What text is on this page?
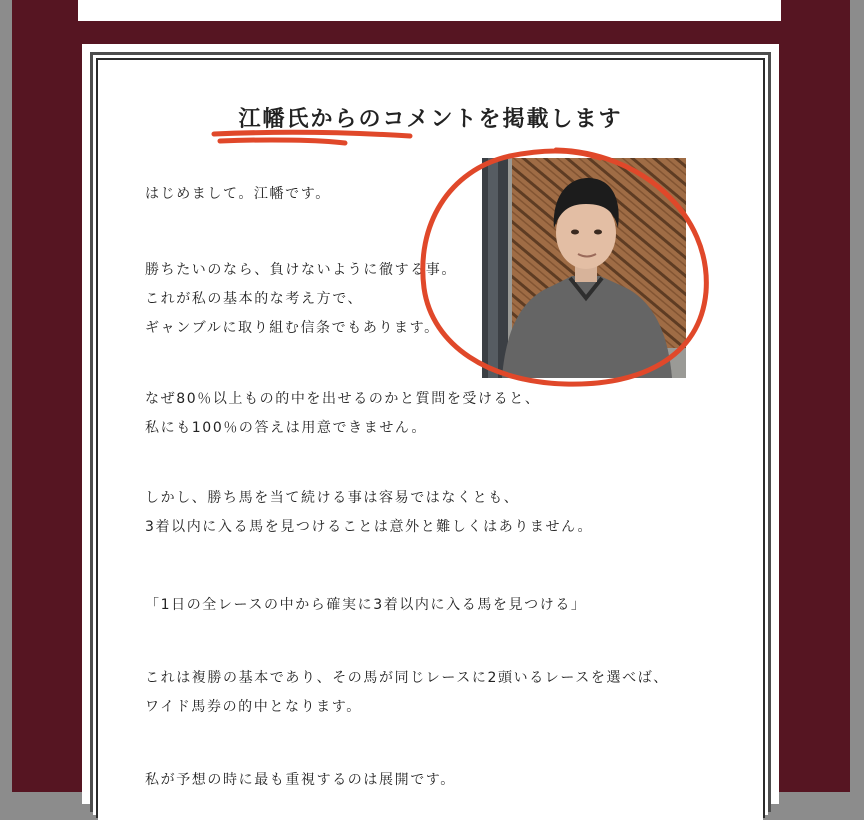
江幡氏からのコメントを掲載します
はじめまして。江幡です。
勝ちたいのなら、負けないように徹する事。
これが私の基本的な考え方で、
ギャンブルに取り組む信条でもあります。
なぜ80％以上もの的中を出せるのかと質問を受けると、
私にも100％の答えは用意できません。
しかし、勝ち馬を当て続ける事は容易ではなくとも、
3着以内に入る馬を見つけることは意外と難しくはありません。
「1日の全レースの中から確実に3着以内に入る馬を見つける」
これは複勝の基本であり、その馬が同じレースに2頭いるレースを選べば、
ワイド馬券の的中となります。
私が予想の時に最も重視するのは展開です。
